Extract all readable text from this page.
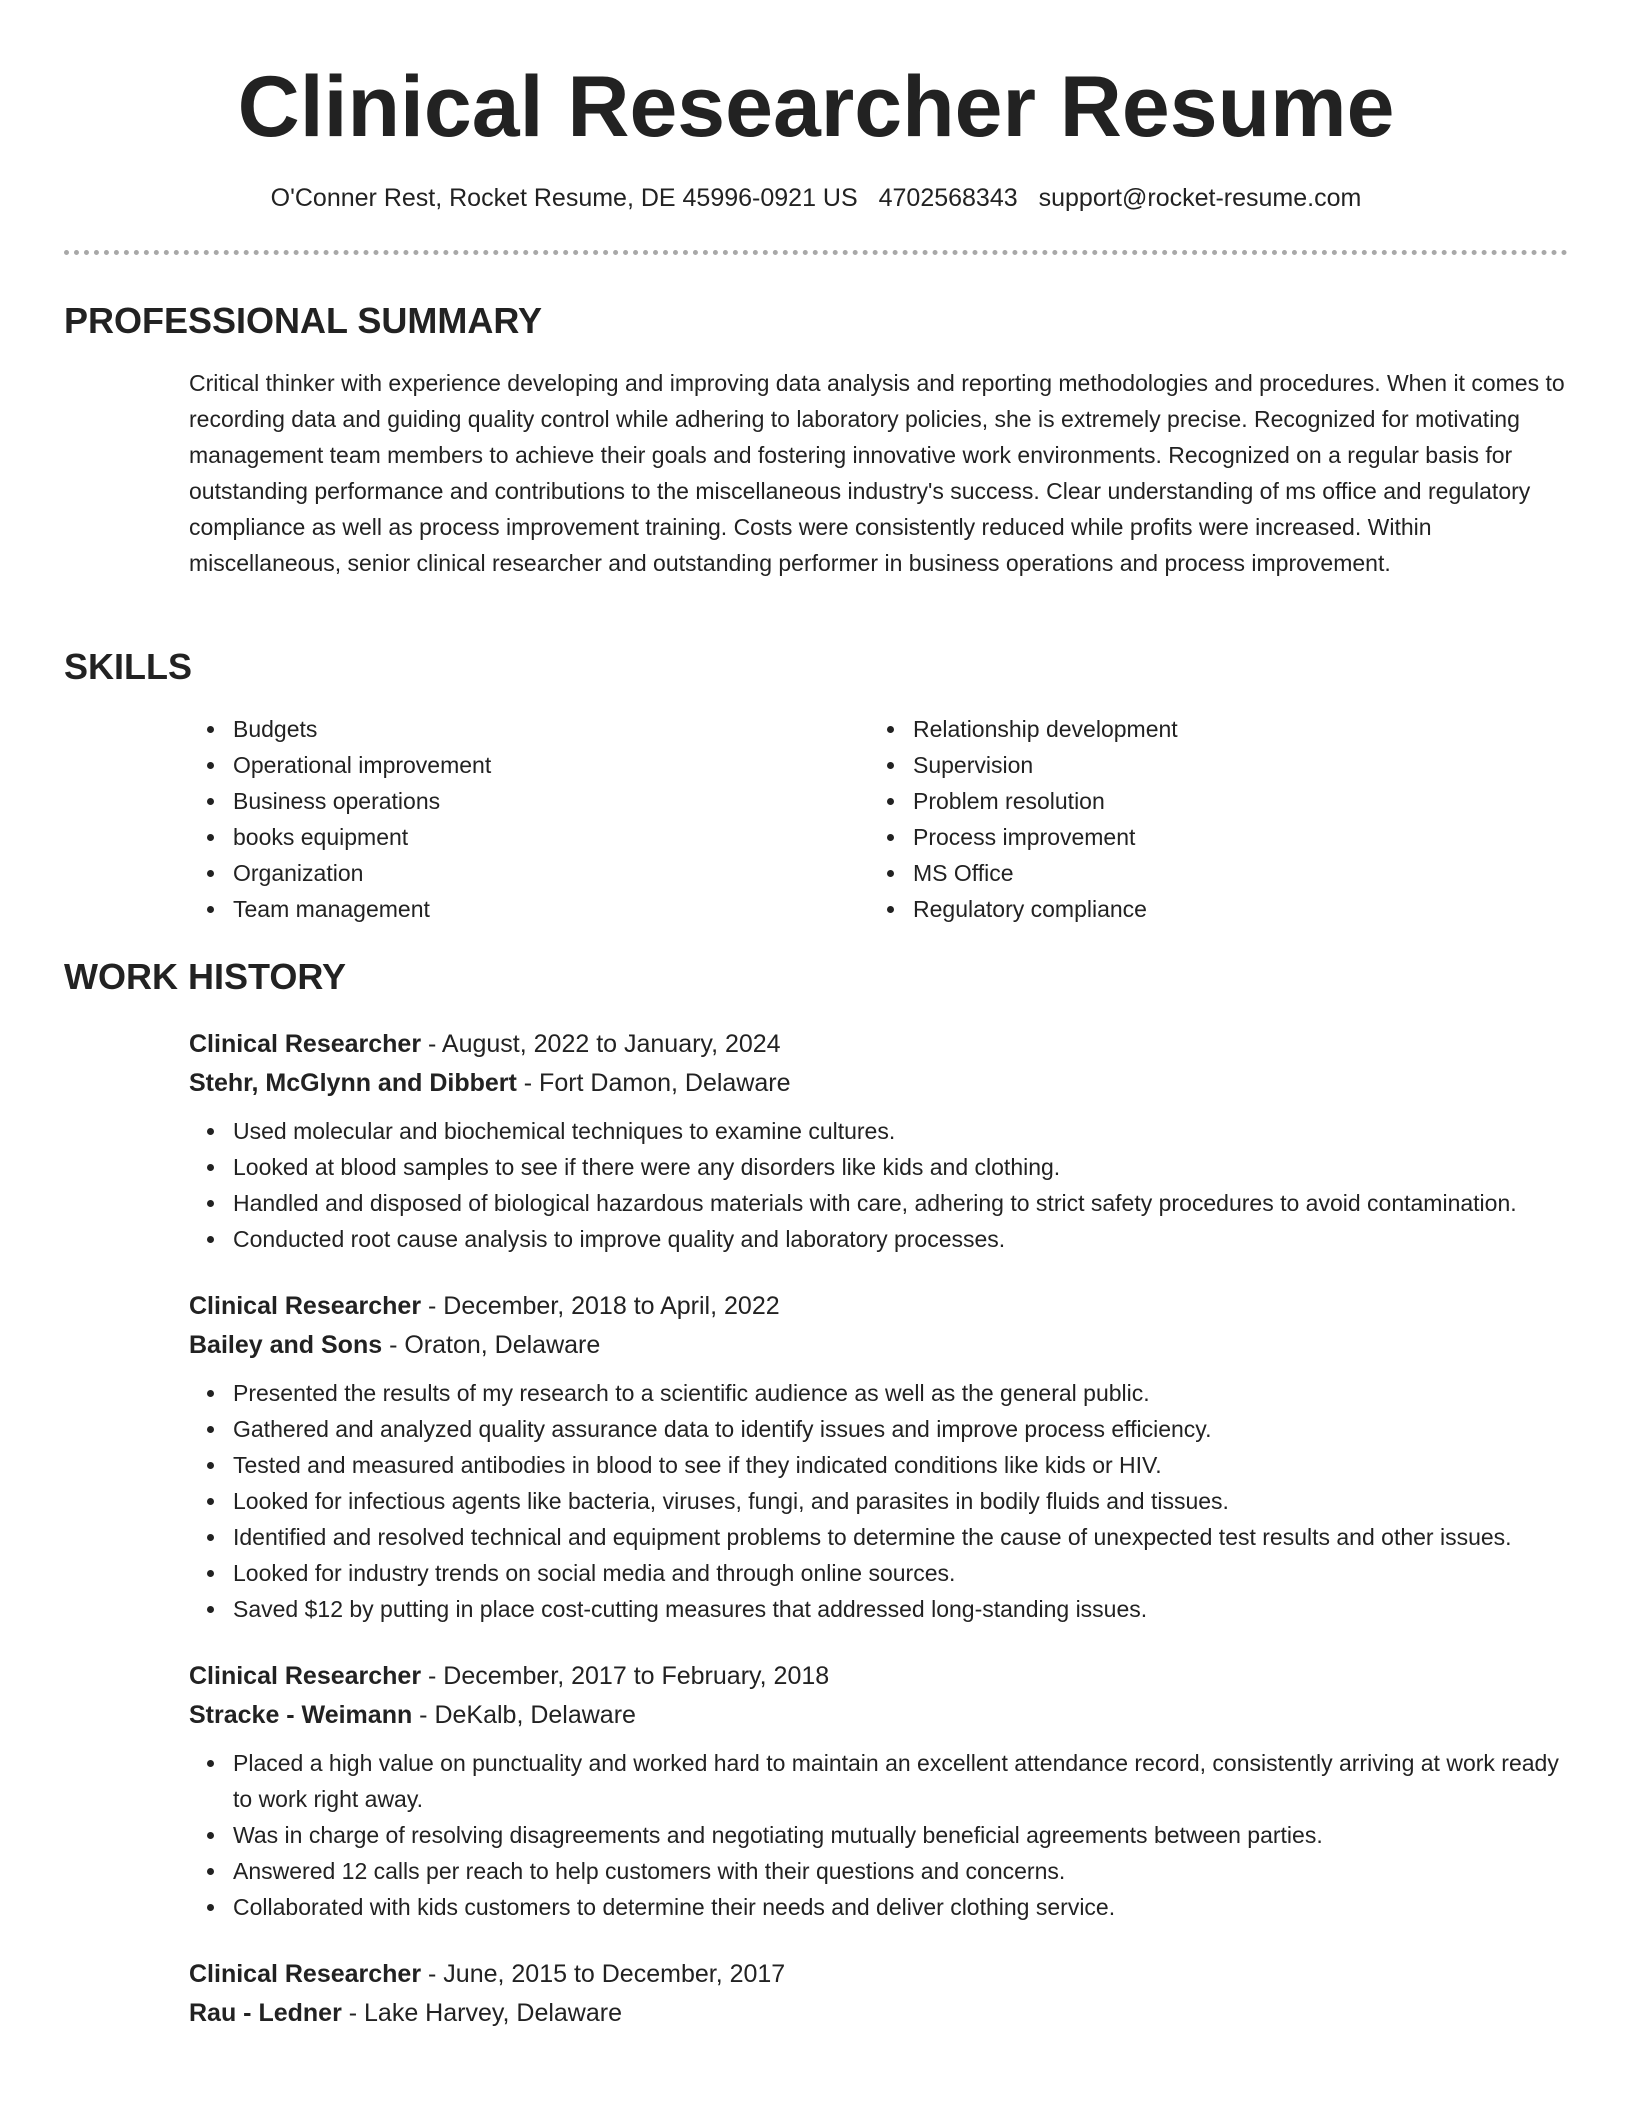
Clinical Researcher Resume
O'Conner Rest, Rocket Resume, DE 45996-0921 US 4702568343 support@rocket-resume.com
PROFESSIONAL SUMMARY

Critical thinker with experience developing and improving data analysis and reporting methodologies and procedures. When it comes to recording data and guiding quality control while adhering to laboratory policies, she is extremely precise. Recognized for motivating management team members to achieve their goals and fostering innovative work environments. Recognized on a regular basis for outstanding performance and contributions to the miscellaneous industry's success. Clear understanding of ms office and regulatory compliance as well as process improvement training. Costs were consistently reduced while profits were increased. Within miscellaneous, senior clinical researcher and outstanding performer in business operations and process improvement.

SKILLS
Budgets
Operational improvement
Business operations
books equipment
Organization
Team management
Relationship development
Supervision
Problem resolution
Process improvement
MS Office
Regulatory compliance
WORK HISTORY
Clinical Researcher - August, 2022 to January, 2024
Stehr, McGlynn and Dibbert - Fort Damon, Delaware
Used molecular and biochemical techniques to examine cultures.
Looked at blood samples to see if there were any disorders like kids and clothing.
Handled and disposed of biological hazardous materials with care, adhering to strict safety procedures to avoid contamination.
Conducted root cause analysis to improve quality and laboratory processes.
Clinical Researcher - December, 2018 to April, 2022
Bailey and Sons - Oraton, Delaware
Presented the results of my research to a scientific audience as well as the general public.
Gathered and analyzed quality assurance data to identify issues and improve process efficiency.
Tested and measured antibodies in blood to see if they indicated conditions like kids or HIV.
Looked for infectious agents like bacteria, viruses, fungi, and parasites in bodily fluids and tissues.
Identified and resolved technical and equipment problems to determine the cause of unexpected test results and other issues.
Looked for industry trends on social media and through online sources.
Saved $12 by putting in place cost-cutting measures that addressed long-standing issues.
Clinical Researcher - December, 2017 to February, 2018
Stracke - Weimann - DeKalb, Delaware
Placed a high value on punctuality and worked hard to maintain an excellent attendance record, consistently arriving at work ready to work right away.
Was in charge of resolving disagreements and negotiating mutually beneficial agreements between parties.
Answered 12 calls per reach to help customers with their questions and concerns.
Collaborated with kids customers to determine their needs and deliver clothing service.
Clinical Researcher - June, 2015 to December, 2017
Rau - Ledner - Lake Harvey, Delaware
